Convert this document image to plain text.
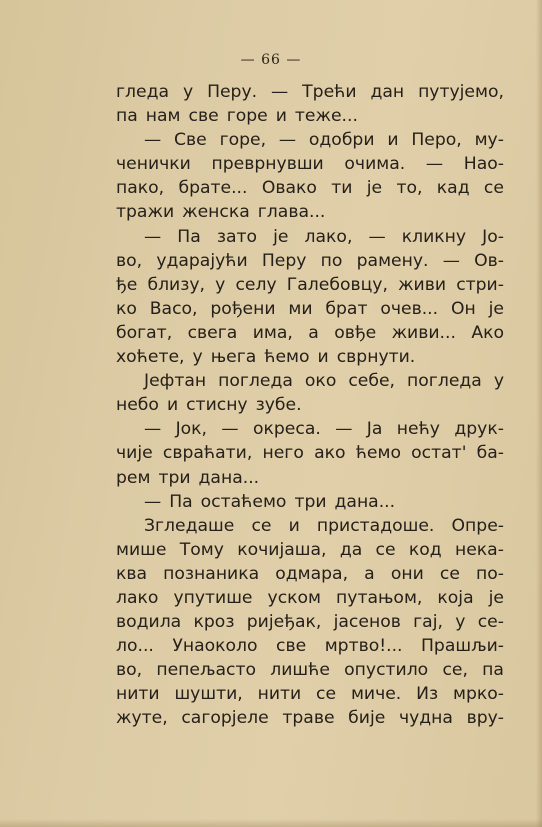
— 66 —
гледа у Перу. — Трећи дан путујемо,
па нам све горе и теже...
— Све горе, — одобри и Перо, му-
ченички преврнувши очима. — Нао-
пако, брате... Овако ти је то, кад се
тражи женска глава...
— Па зато је лако, — кликну Јо-
во, ударајући Перу по рамену. — Ов-
ђе близу, у селу Галебовцу, живи стри-
ко Васо, рођени ми брат очев... Он је
богат, свега има, а овђе живи... Ако
хоћете, у њега ћемо и сврнути.
Јефтан погледа око себе, погледа у
небо и стисну зубе.
— Јок, — окреса. — Ја нећу друк-
чије свраћати, него ако ћемо остат' ба-
рем три дана...
— Па остаћемо три дана...
Згледаше се и пристадоше. Опре-
мише Тому кочијаша, да се код нека-
ква познаника одмара, а они се по-
лако упутише уском путањом, која је
водила кроз ријеђак, јасенов гај, у се-
ло... Унаоколо све мртво!... Прашљи-
во, пепељасто лишће опустило се, па
нити шушти, нити се миче. Из мрко-
жуте, сагорјеле траве бије чудна вру-
